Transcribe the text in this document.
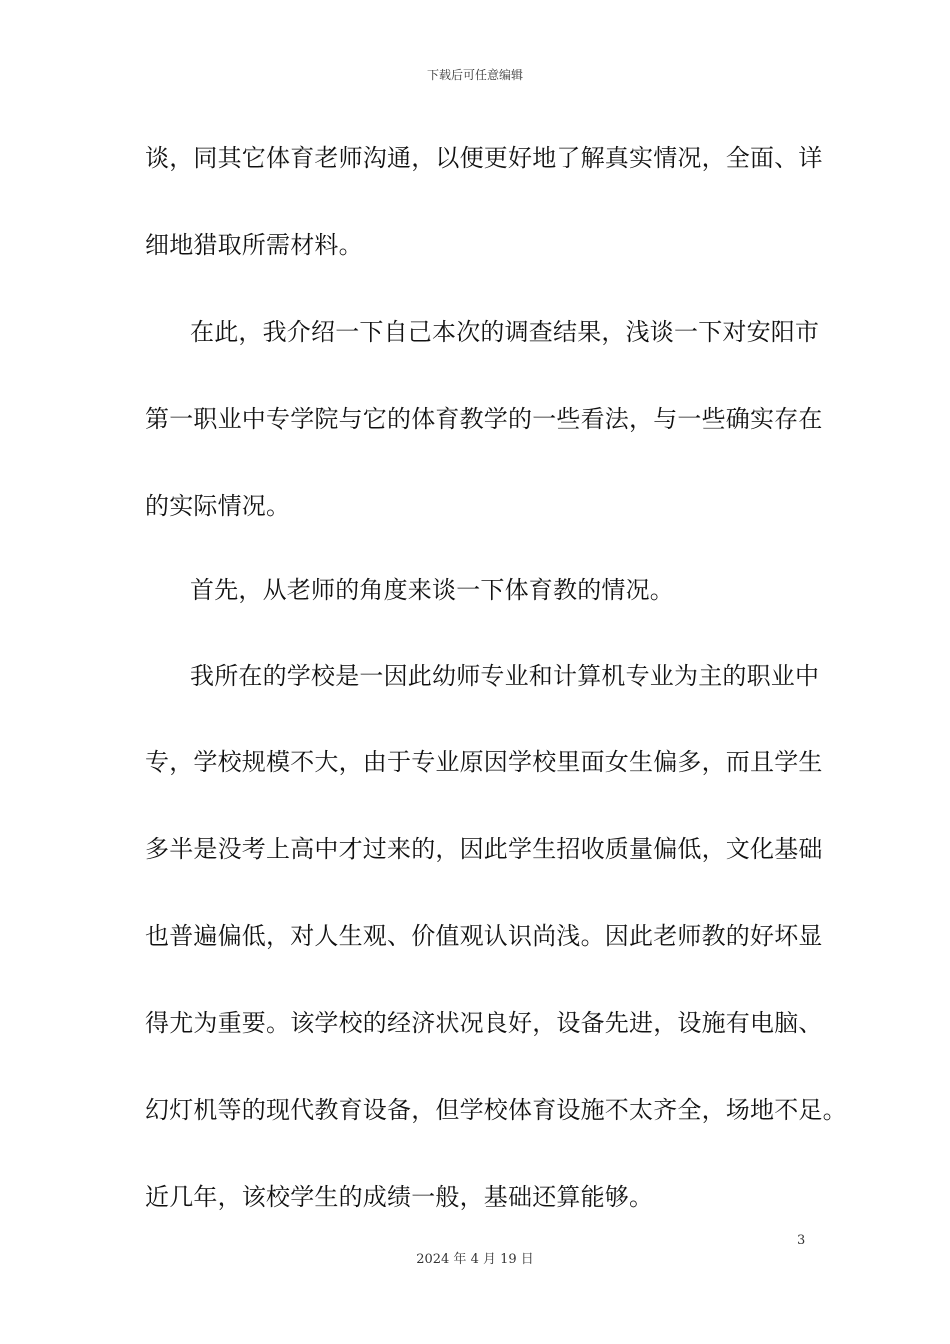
下载后可任意编辑
谈，同其它体育老师沟通，以便更好地了解真实情况，全面、详
细地猎取所需材料。
在此，我介绍一下自己本次的调查结果，浅谈一下对安阳市
第一职业中专学院与它的体育教学的一些看法，与一些确实存在
的实际情况。
首先，从老师的角度来谈一下体育教的情况。
我所在的学校是一因此幼师专业和计算机专业为主的职业中
专，学校规模不大，由于专业原因学校里面女生偏多，而且学生
多半是没考上高中才过来的，因此学生招收质量偏低，文化基础
也普遍偏低，对人生观、价值观认识尚浅。因此老师教的好坏显
得尤为重要。该学校的经济状况良好，设备先进，设施有电脑、
幻灯机等的现代教育设备，但学校体育设施不太齐全，场地不足。
近几年，该校学生的成绩一般，基础还算能够。
3
2024 年 4 月 19 日
